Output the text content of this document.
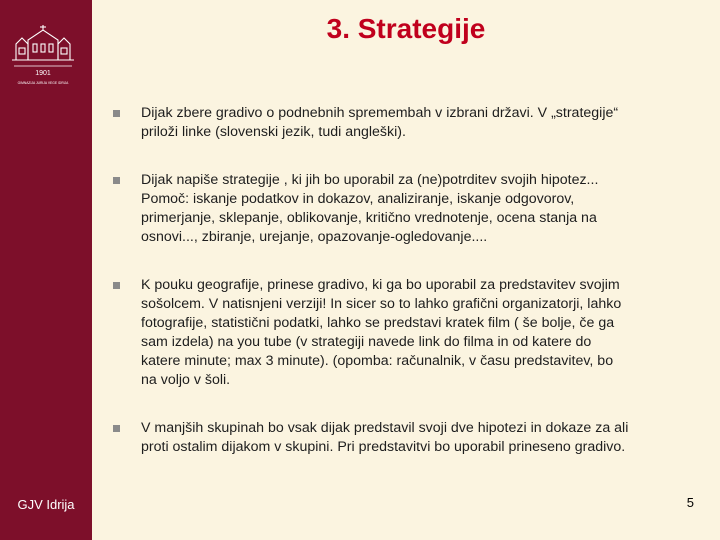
1901
GIMNAZIJA JURIJA VEGE IDRIJA
GJV Idrija
3. Strategije
Dijak zbere gradivo o podnebnih spremembah v izbrani državi. V „strategije“ priloži linke (slovenski jezik, tudi angleški).
Dijak napiše strategije , ki jih bo uporabil za (ne)potrditev svojih hipotez... Pomoč: iskanje podatkov in dokazov, analiziranje, iskanje odgovorov, primerjanje, sklepanje, oblikovanje, kritično vrednotenje, ocena stanja na osnovi..., zbiranje, urejanje, opazovanje-ogledovanje....
K pouku geografije, prinese gradivo, ki ga bo uporabil za predstavitev svojim sošolcem. V natisnjeni verziji! In sicer so to lahko grafični organizatorji, lahko fotografije, statistični podatki, lahko se predstavi kratek film ( še bolje, če ga sam izdela) na you tube (v strategiji navede link do filma in od katere do katere minute; max 3 minute). (opomba: računalnik, v času predstavitev, bo na voljo v šoli.
V manjših skupinah bo vsak dijak predstavil svoji dve hipotezi in dokaze za ali proti ostalim dijakom v skupini. Pri predstavitvi bo uporabil prineseno gradivo.
5
